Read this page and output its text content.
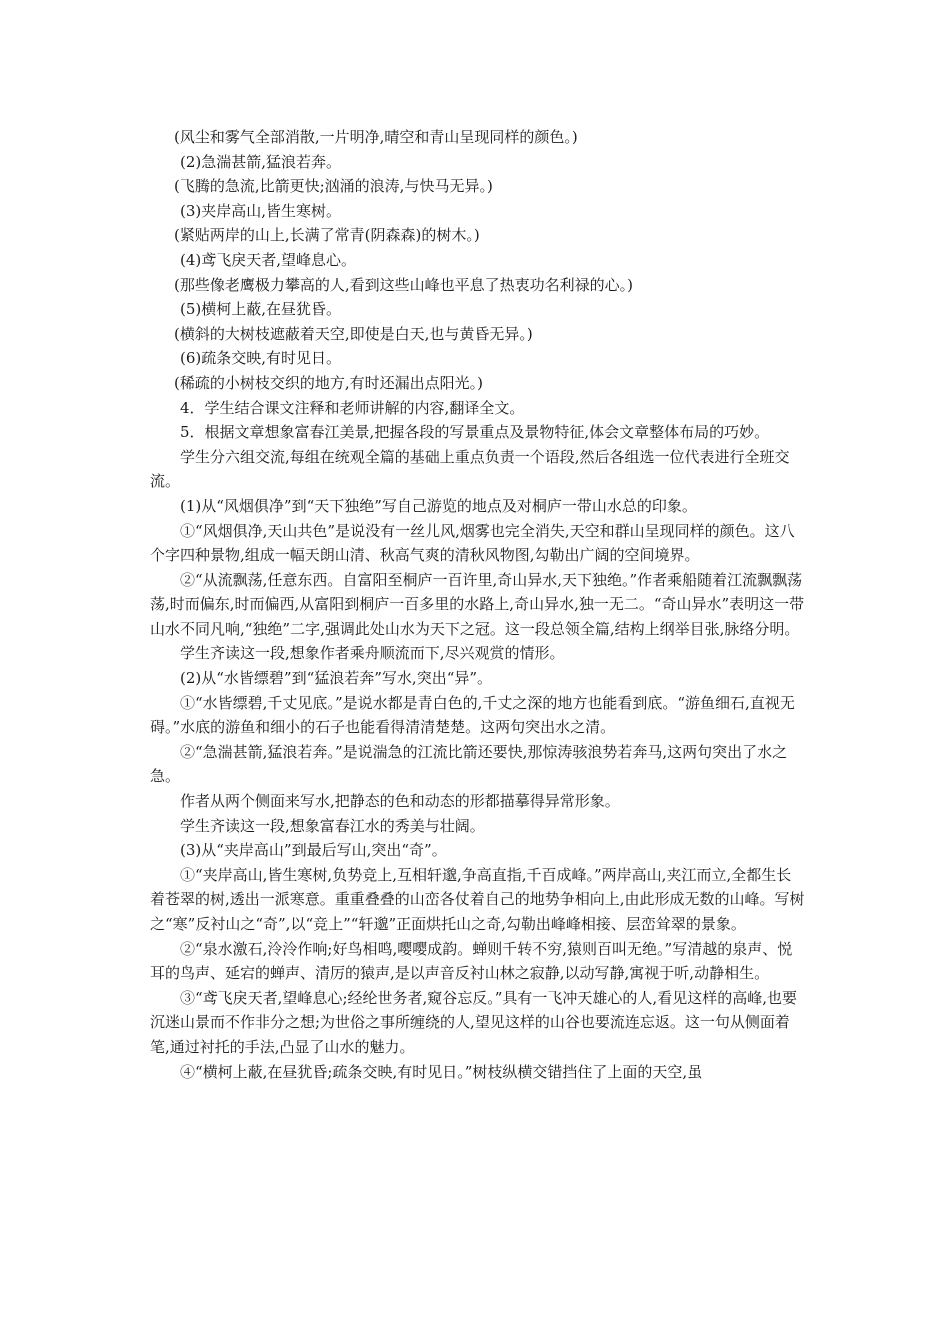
(风尘和雾气全部消散,一片明净,晴空和青山呈现同样的颜色。)

(2)急湍甚箭,猛浪若奔。

(飞腾的急流,比箭更快;汹涌的浪涛,与快马无异。)

(3)夹岸高山,皆生寒树。

(紧贴两岸的山上,长满了常青(阴森森)的树木。)

(4)鸢飞戾天者,望峰息心。

(那些像老鹰极力攀高的人,看到这些山峰也平息了热衷功名利禄的心。)

(5)横柯上蔽,在昼犹昏。

(横斜的大树枝遮蔽着天空,即使是白天,也与黄昏无异。)

(6)疏条交映,有时见日。

(稀疏的小树枝交织的地方,有时还漏出点阳光。)

4．学生结合课文注释和老师讲解的内容,翻译全文。

5．根据文章想象富春江美景,把握各段的写景重点及景物特征,体会文章整体布局的巧妙。

学生分六组交流,每组在统观全篇的基础上重点负责一个语段,然后各组选一位代表进行全班交流。

(1)从“风烟俱净”到“天下独绝”写自己游览的地点及对桐庐一带山水总的印象。

①“风烟俱净,天山共色”是说没有一丝儿风,烟雾也完全消失,天空和群山呈现同样的颜色。这八个字四种景物,组成一幅天朗山清、秋高气爽的清秋风物图,勾勒出广阔的空间境界。

②“从流飘荡,任意东西。自富阳至桐庐一百许里,奇山异水,天下独绝。”作者乘船随着江流飘飘荡荡,时而偏东,时而偏西,从富阳到桐庐一百多里的水路上,奇山异水,独一无二。“奇山异水”表明这一带山水不同凡响,“独绝”二字,强调此处山水为天下之冠。这一段总领全篇,结构上纲举目张,脉络分明。

学生齐读这一段,想象作者乘舟顺流而下,尽兴观赏的情形。

(2)从“水皆缥碧”到“猛浪若奔”写水,突出“异”。

①“水皆缥碧,千丈见底。”是说水都是青白色的,千丈之深的地方也能看到底。“游鱼细石,直视无碍。”水底的游鱼和细小的石子也能看得清清楚楚。这两句突出水之清。

②“急湍甚箭,猛浪若奔。”是说湍急的江流比箭还要快,那惊涛骇浪势若奔马,这两句突出了水之急。

作者从两个侧面来写水,把静态的色和动态的形都描摹得异常形象。

学生齐读这一段,想象富春江水的秀美与壮阔。

(3)从“夹岸高山”到最后写山,突出“奇”。

①“夹岸高山,皆生寒树,负势竞上,互相轩邈,争高直指,千百成峰。”两岸高山,夹江而立,全都生长着苍翠的树,透出一派寒意。重重叠叠的山峦各仗着自己的地势争相向上,由此形成无数的山峰。写树之“寒”反衬山之“奇”,以“竞上”“轩邈”正面烘托山之奇,勾勒出峰峰相接、层峦耸翠的景象。

②“泉水激石,泠泠作响;好鸟相鸣,嘤嘤成韵。蝉则千转不穷,猿则百叫无绝。”写清越的泉声、悦耳的鸟声、延宕的蝉声、清厉的猿声,是以声音反衬山林之寂静,以动写静,寓视于听,动静相生。

③“鸢飞戾天者,望峰息心;经纶世务者,窥谷忘反。”具有一飞冲天雄心的人,看见这样的高峰,也要沉迷山景而不作非分之想;为世俗之事所缠绕的人,望见这样的山谷也要流连忘返。这一句从侧面着笔,通过衬托的手法,凸显了山水的魅力。

④“横柯上蔽,在昼犹昏;疏条交映,有时见日。”树枝纵横交错挡住了上面的天空,虽
